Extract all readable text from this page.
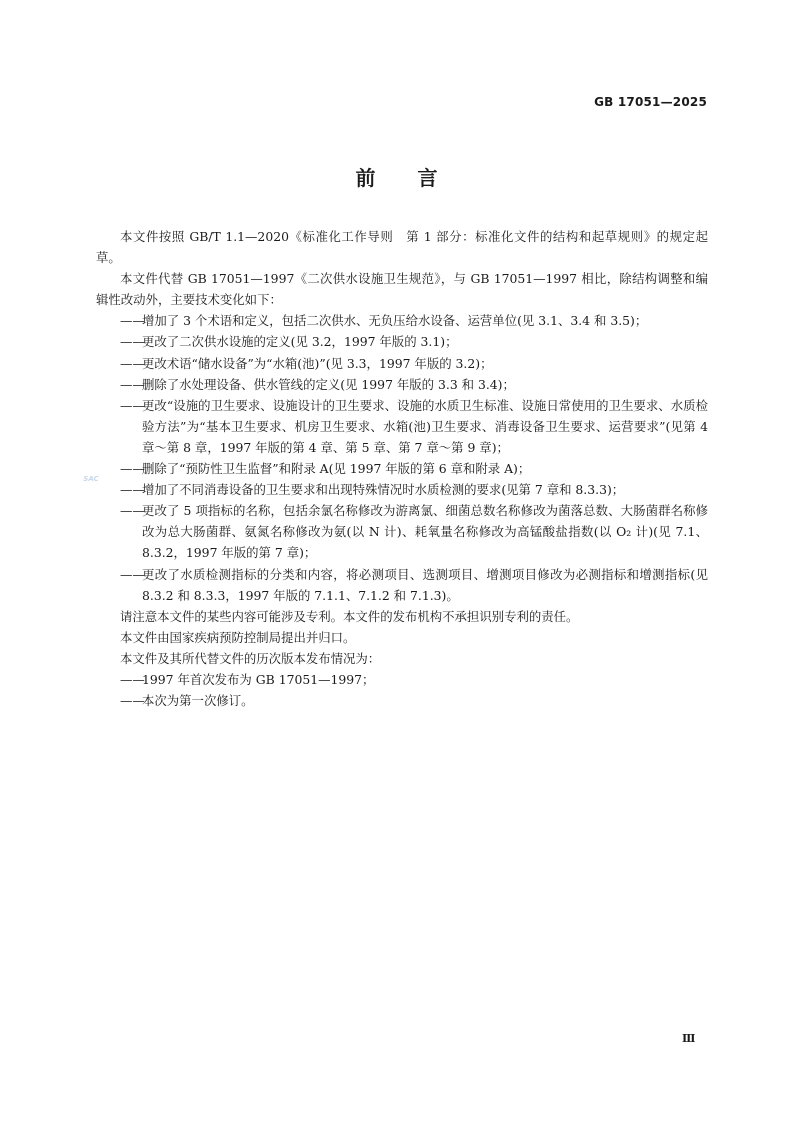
GB 17051—2025
前 言
SAC

本文件按照 GB/T 1.1—2020《标准化工作导则　第 1 部分：标准化文件的结构和起草规则》的规定起草。

本文件代替 GB 17051—1997《二次供水设施卫生规范》，与 GB 17051—1997 相比，除结构调整和编辑性改动外，主要技术变化如下：

——
增加了 3 个术语和定义，包括二次供水、无负压给水设备、运营单位(见 3.1、3.4 和 3.5)；

——
更改了二次供水设施的定义(见 3.2，1997 年版的 3.1)；

——
更改术语“储水设备”为“水箱(池)”(见 3.3，1997 年版的 3.2)；

——
删除了水处理设备、供水管线的定义(见 1997 年版的 3.3 和 3.4)；

——
更改“设施的卫生要求、设施设计的卫生要求、设施的水质卫生标准、设施日常使用的卫生要求、水质检验方法”为“基本卫生要求、机房卫生要求、水箱(池)卫生要求、消毒设备卫生要求、运营要求”(见第 4 章～第 8 章，1997 年版的第 4 章、第 5 章、第 7 章～第 9 章)；

——
删除了“预防性卫生监督”和附录 A(见 1997 年版的第 6 章和附录 A)；

——
增加了不同消毒设备的卫生要求和出现特殊情况时水质检测的要求(见第 7 章和 8.3.3)；

——
更改了 5 项指标的名称，包括余氯名称修改为游离氯、细菌总数名称修改为菌落总数、大肠菌群名称修改为总大肠菌群、氨氮名称修改为氨(以 N 计)、耗氧量名称修改为高锰酸盐指数(以 O₂ 计)(见 7.1、8.3.2，1997 年版的第 7 章)；

——
更改了水质检测指标的分类和内容，将必测项目、选测项目、增测项目修改为必测指标和增测指标(见 8.3.2 和 8.3.3，1997 年版的 7.1.1、7.1.2 和 7.1.3)。

请注意本文件的某些内容可能涉及专利。本文件的发布机构不承担识别专利的责任。

本文件由国家疾病预防控制局提出并归口。

本文件及其所代替文件的历次版本发布情况为：

——
1997 年首次发布为 GB 17051—1997；

——
本次为第一次修订。

Ⅲ
